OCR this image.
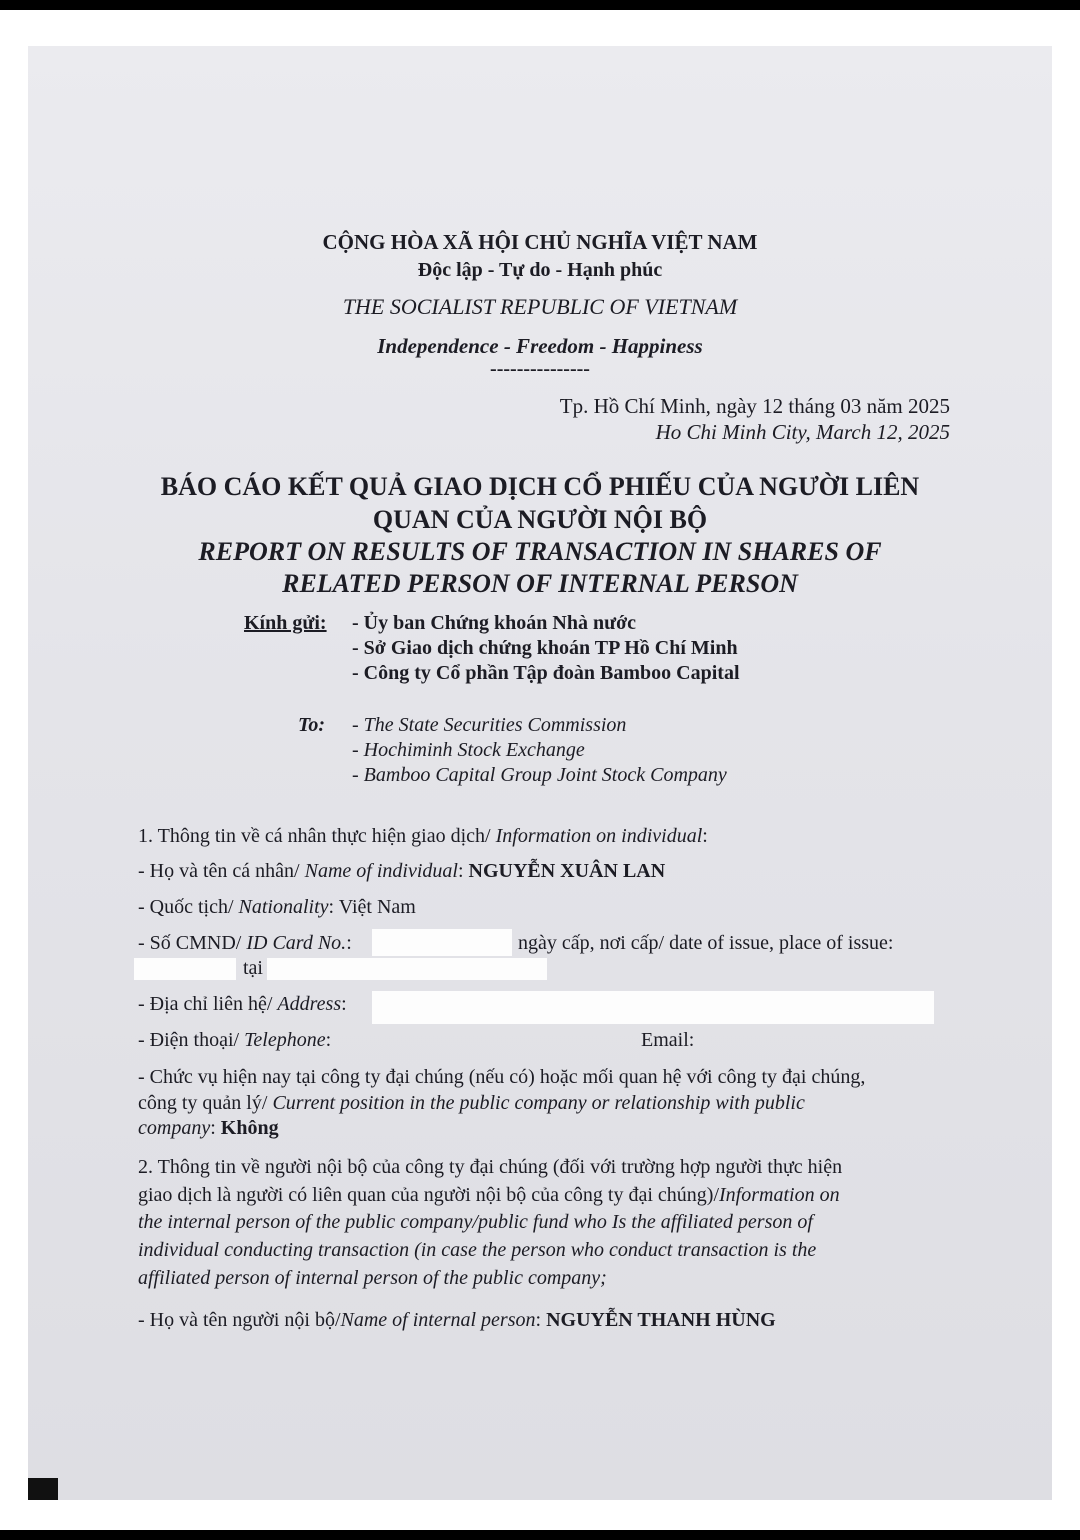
CỘNG HÒA XÃ HỘI CHỦ NGHĨA VIỆT NAM
Độc lập - Tự do - Hạnh phúc
THE SOCIALIST REPUBLIC OF VIETNAM
Independence - Freedom - Happiness
---------------
Tp. Hồ Chí Minh, ngày 12 tháng 03 năm 2025
Ho Chi Minh City, March 12, 2025
BÁO CÁO KẾT QUẢ GIAO DỊCH CỔ PHIẾU CỦA NGƯỜI LIÊN
QUAN CỦA NGƯỜI NỘI BỘ
REPORT ON RESULTS OF TRANSACTION IN SHARES OF
RELATED PERSON OF INTERNAL PERSON
Kính gửi: - Ủy ban Chứng khoán Nhà nước
- Sở Giao dịch chứng khoán TP Hồ Chí Minh
- Công ty Cổ phần Tập đoàn Bamboo Capital
To: - The State Securities Commission
- Hochiminh Stock Exchange
- Bamboo Capital Group Joint Stock Company
1. Thông tin về cá nhân thực hiện giao dịch/ Information on individual:
- Họ và tên cá nhân/ Name of individual: NGUYỄN XUÂN LAN
- Quốc tịch/ Nationality: Việt Nam
- Số CMND/ ID Card No.:	ngày cấp, nơi cấp/ date of issue, place of issue:
tại
- Địa chỉ liên hệ/ Address:
- Điện thoại/ Telephone:	Email:
- Chức vụ hiện nay tại công ty đại chúng (nếu có) hoặc mối quan hệ với công ty đại chúng,
công ty quản lý/ Current position in the public company or relationship with public
company: Không
2. Thông tin về người nội bộ của công ty đại chúng (đối với trường hợp người thực hiện
giao dịch là người có liên quan của người nội bộ của công ty đại chúng)/Information on
the internal person of the public company/public fund who Is the affiliated person of
individual conducting transaction (in case the person who conduct transaction is the
affiliated person of internal person of the public company;
- Họ và tên người nội bộ/Name of internal person: NGUYỄN THANH HÙNG
